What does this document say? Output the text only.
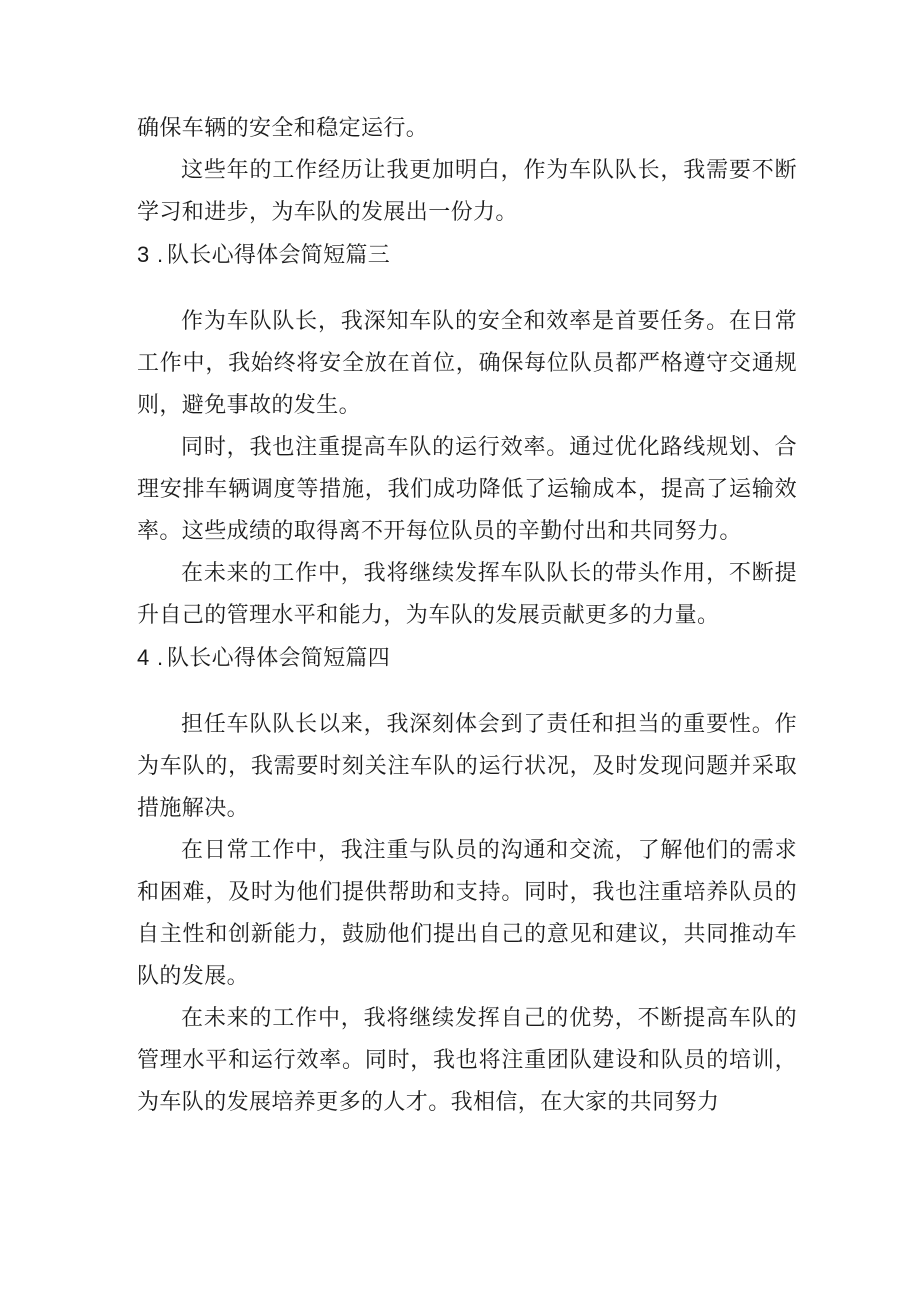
确保车辆的安全和稳定运行。

这些年的工作经历让我更加明白，作为车队队长，我需要不断学习和进步，为车队的发展出一份力。

3 . 队长心得体会简短篇三

作为车队队长，我深知车队的安全和效率是首要任务。在日常工作中，我始终将安全放在首位，确保每位队员都严格遵守交通规则，避免事故的发生。

同时，我也注重提高车队的运行效率。通过优化路线规划、合理安排车辆调度等措施，我们成功降低了运输成本，提高了运输效率。这些成绩的取得离不开每位队员的辛勤付出和共同努力。

在未来的工作中，我将继续发挥车队队长的带头作用，不断提升自己的管理水平和能力，为车队的发展贡献更多的力量。

4 . 队长心得体会简短篇四

担任车队队长以来，我深刻体会到了责任和担当的重要性。作为车队的，我需要时刻关注车队的运行状况，及时发现问题并采取措施解决。

在日常工作中，我注重与队员的沟通和交流，了解他们的需求和困难，及时为他们提供帮助和支持。同时，我也注重培养队员的自主性和创新能力，鼓励他们提出自己的意见和建议，共同推动车队的发展。

在未来的工作中，我将继续发挥自己的优势，不断提高车队的管理水平和运行效率。同时，我也将注重团队建设和队员的培训，为车队的发展培养更多的人才。我相信，在大家的共同努力
